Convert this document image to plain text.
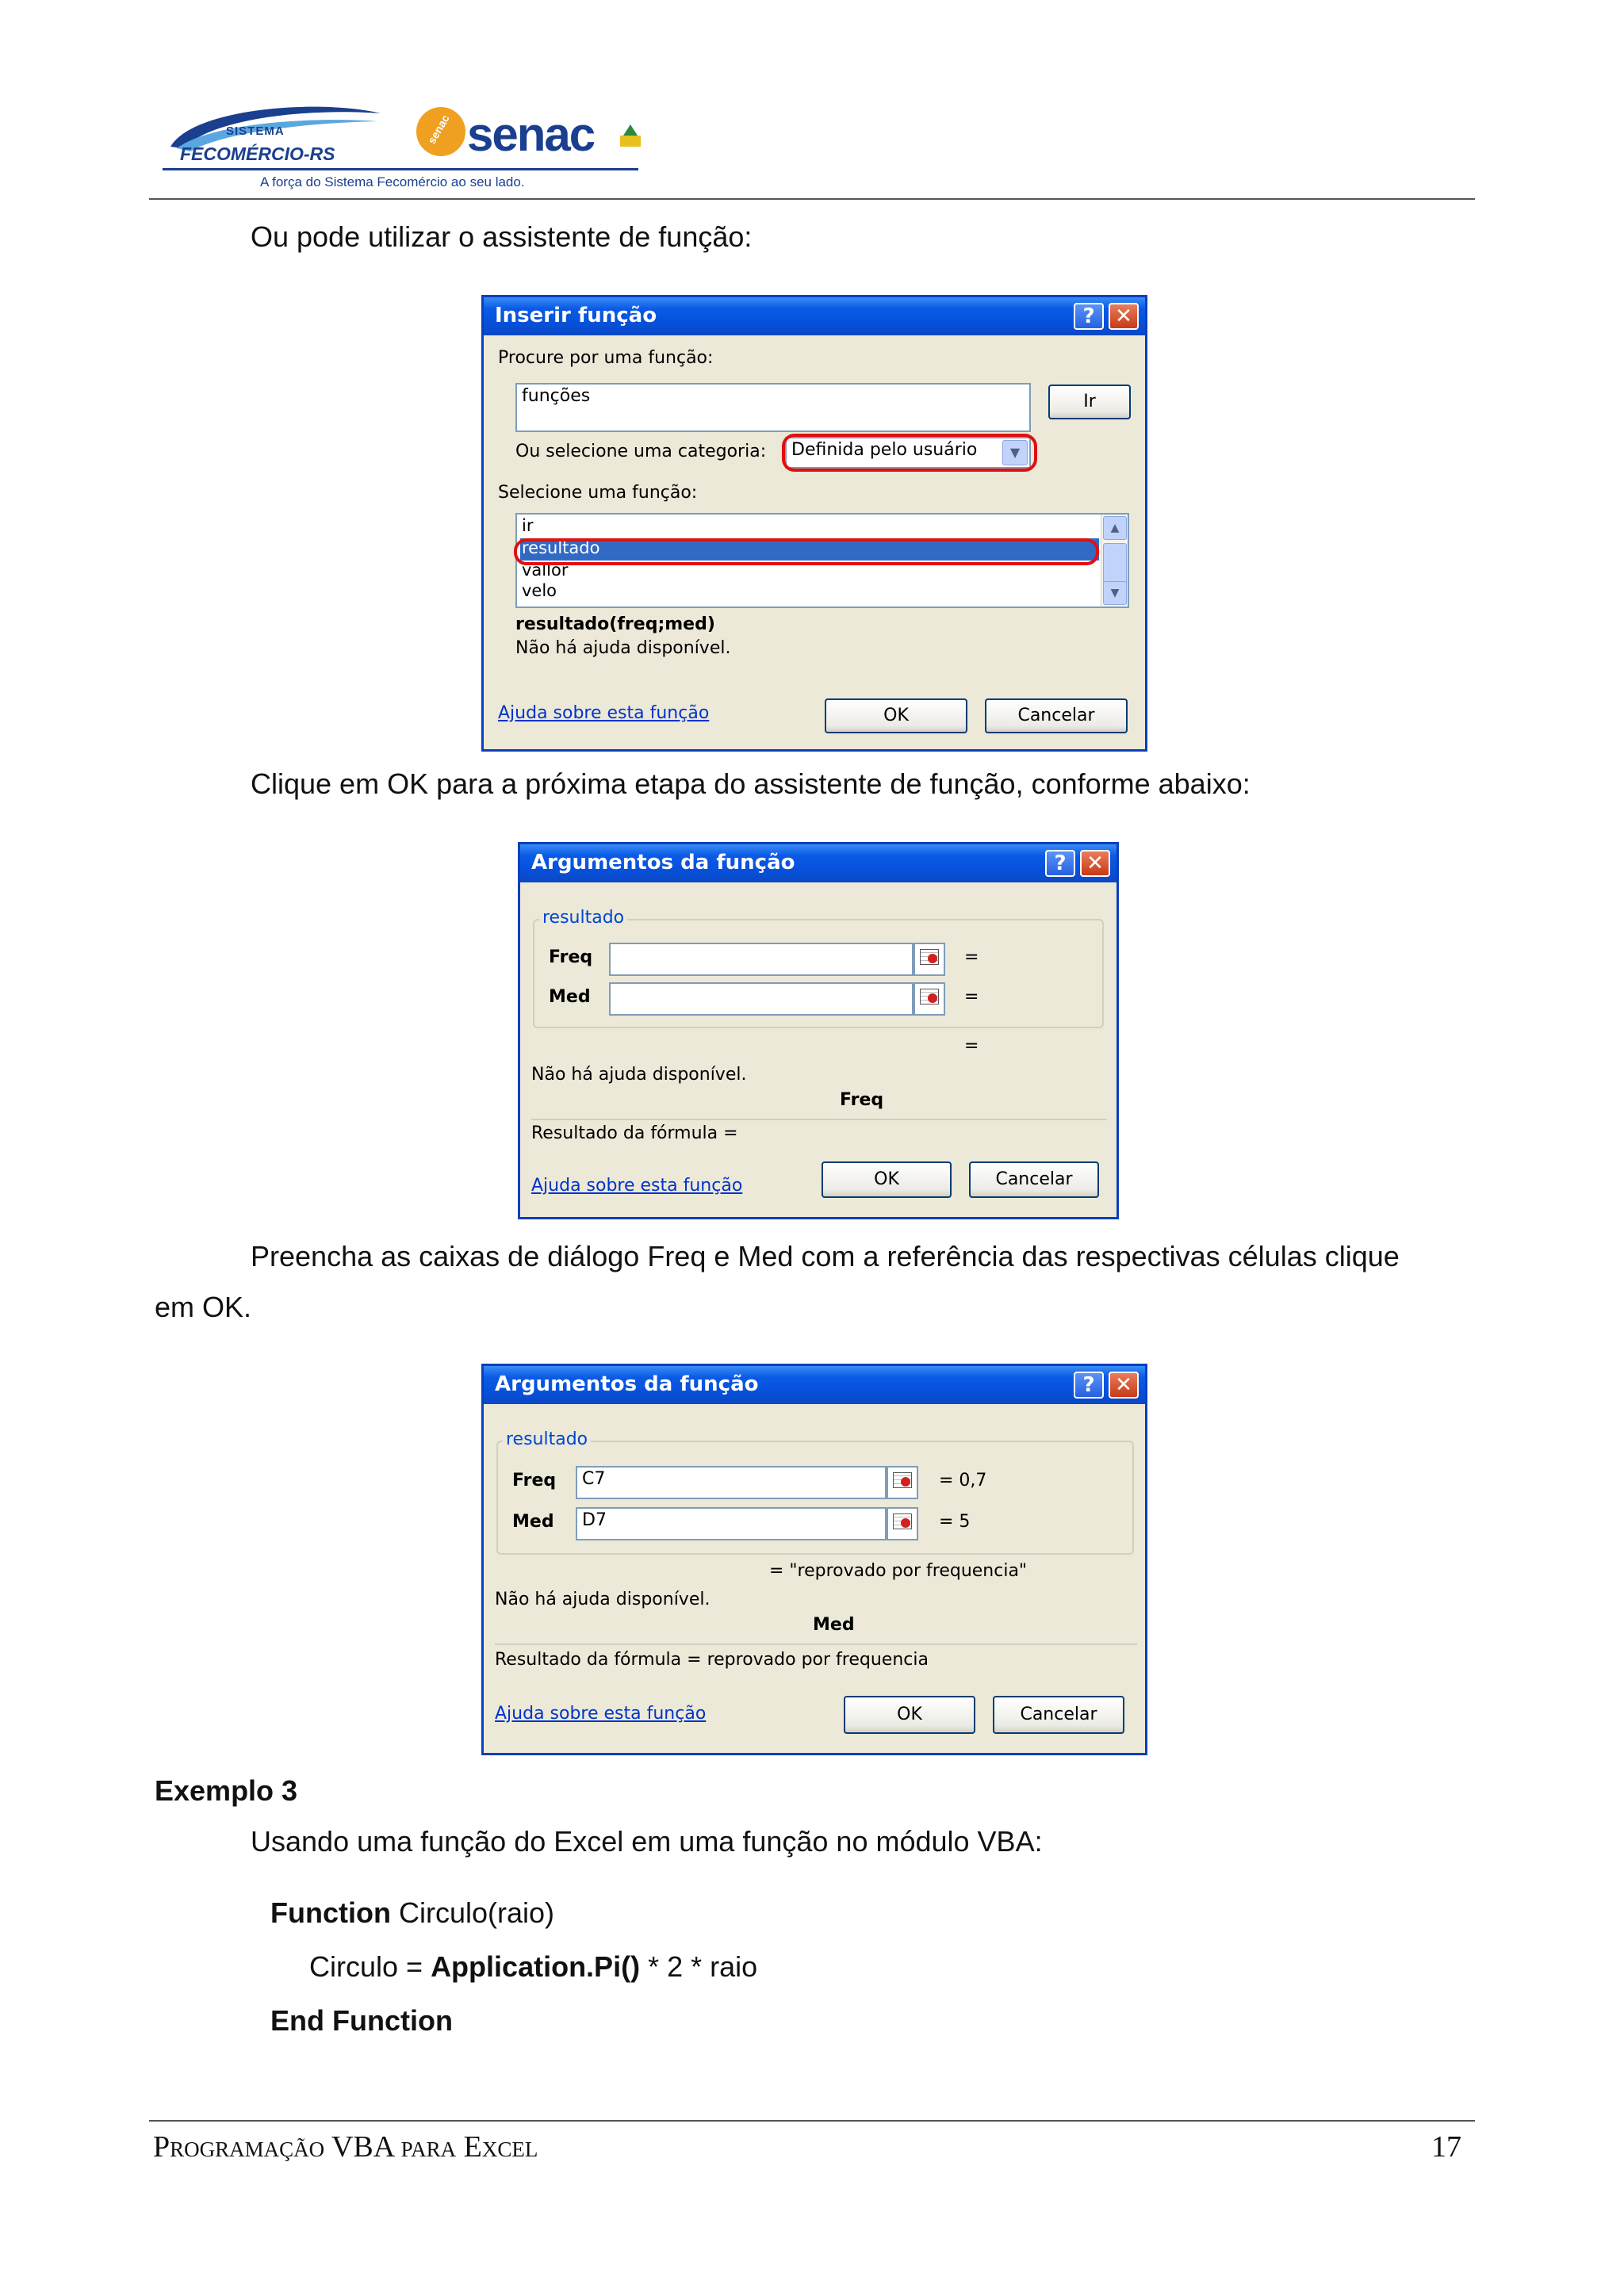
SISTEMA
FECOMÉRCIO-RS
senac senac
A força do Sistema Fecomércio ao seu lado.
Ou pode utilizar o assistente de função:
Inserir função	? ✕
Procure por uma função:
funções	Ir
Ou selecione uma categoria:	Definida pelo usuário	▼
Selecione uma função:
ir
resultado
vallor
velo
▲
▼
resultado(freq;med)
Não há ajuda disponível.
Ajuda sobre esta função	OK	Cancelar
Clique em OK para a próxima etapa do assistente de função, conforme abaixo:
Argumentos da função	? ✕
resultado
Freq	=
Med	=
=
Não há ajuda disponível.
Freq
Resultado da fórmula =
Ajuda sobre esta função	OK	Cancelar
Preencha as caixas de diálogo Freq e Med com a referência das respectivas células clique
em OK.
Argumentos da função	? ✕
resultado
Freq	C7	= 0,7
Med	D7	= 5
= "reprovado por frequencia"
Não há ajuda disponível.
Med
Resultado da fórmula = reprovado por frequencia
Ajuda sobre esta função	OK	Cancelar
Exemplo 3
Usando uma função do Excel em uma função no módulo VBA:
Function Circulo(raio)
Circulo = Application.Pi() * 2 * raio
End Function
Programação VBA para Excel	17
